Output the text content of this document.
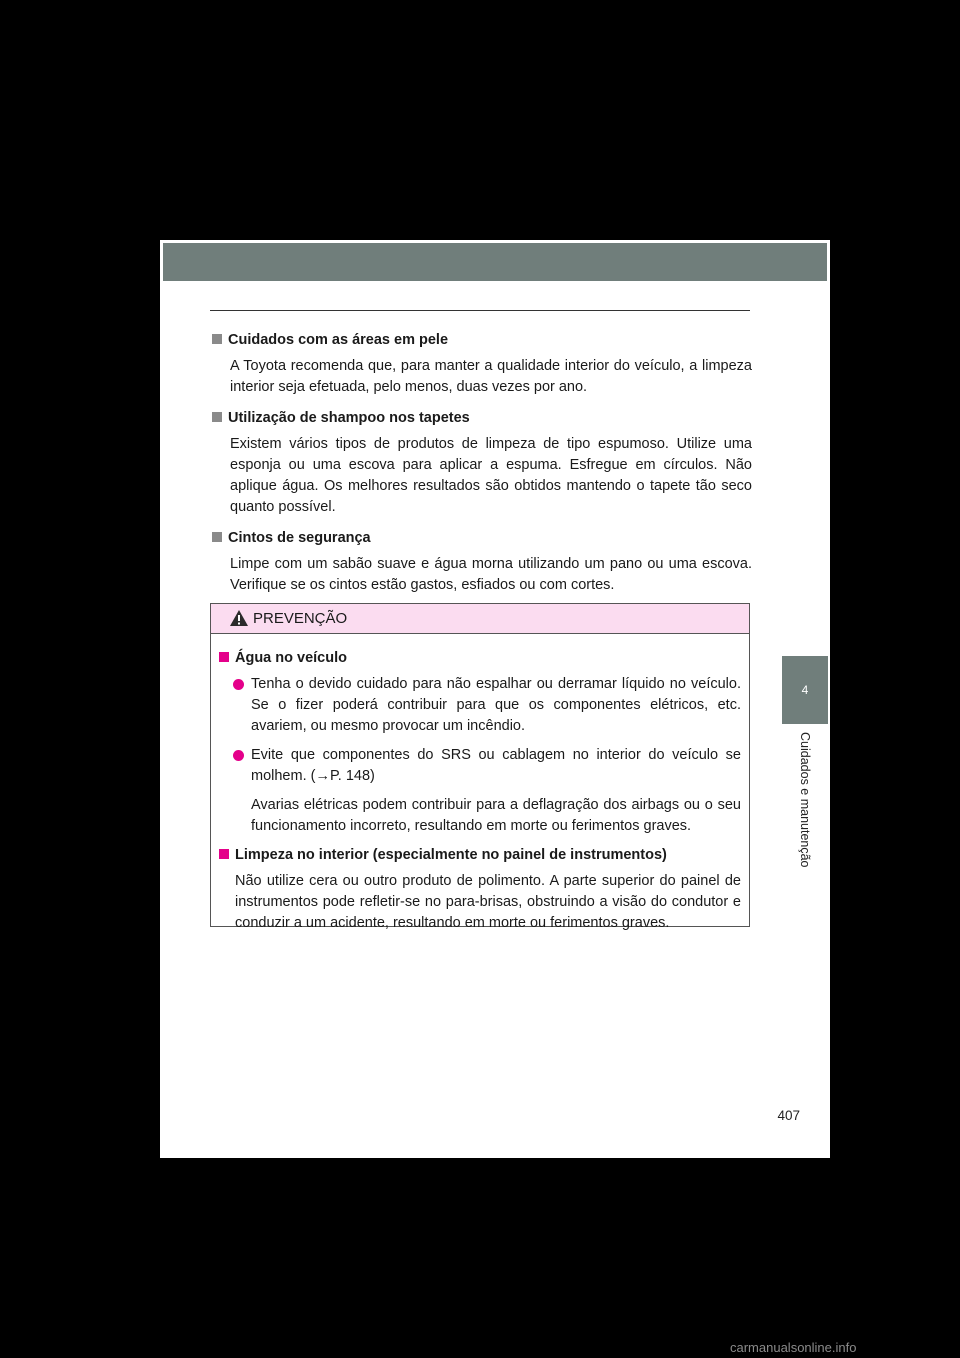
Cuidados com as áreas em pele

A Toyota recomenda que, para manter a qualidade interior do veículo, a limpeza interior seja efetuada, pelo menos, duas vezes por ano.

Utilização de shampoo nos tapetes

Existem vários tipos de produtos de limpeza de tipo espumoso. Utilize uma esponja ou uma escova para aplicar a espuma. Esfregue em círculos. Não aplique água. Os melhores resultados são obtidos mantendo o tapete tão seco quanto possível.

Cintos de segurança

Limpe com um sabão suave e água morna utilizando um pano ou uma escova. Verifique se os cintos estão gastos, esfiados ou com cortes.

PREVENÇÃO
Água no veículo
Tenha o devido cuidado para não espalhar ou derramar líquido no veículo. Se o fizer poderá contribuir para que os componentes elétricos, etc. avariem, ou mesmo provocar um incêndio.
Evite que componentes do SRS ou cablagem no interior do veículo se molhem. (→P. 148)

Avarias elétricas podem contribuir para a deflagração dos airbags ou o seu funcionamento incorreto, resultando em morte ou ferimentos graves.

Limpeza no interior (especialmente no painel de instrumentos)

Não utilize cera ou outro produto de polimento. A parte superior do painel de instrumentos pode refletir-se no para-brisas, obstruindo a visão do condutor e conduzir a um acidente, resultando em morte ou ferimentos graves.

4
Cuidados e manutenção
407
carmanualsonline.info
